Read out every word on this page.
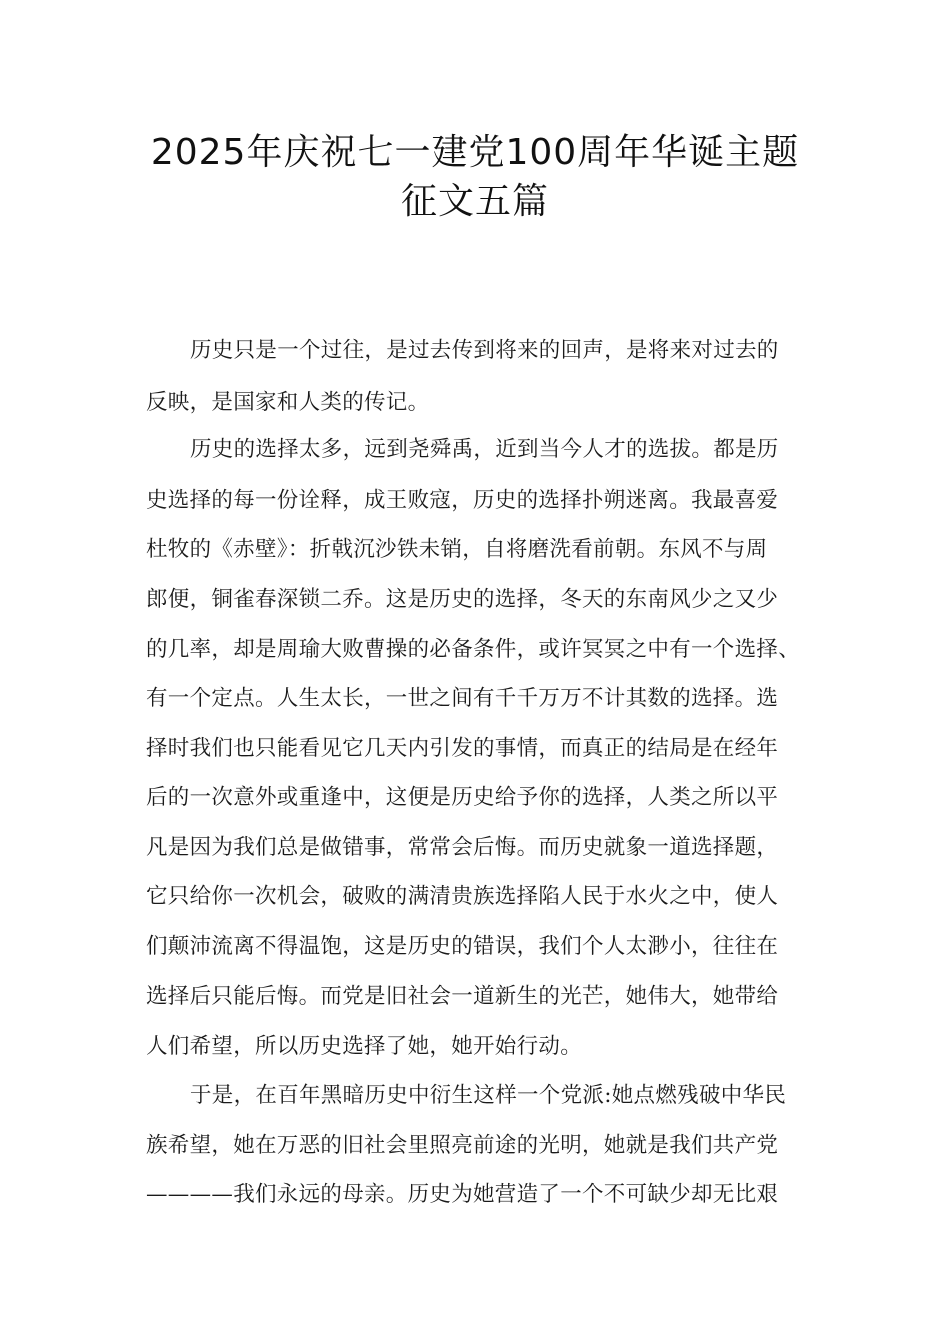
2025年庆祝七一建党100周年华诞主题
征文五篇
历史只是一个过往，是过去传到将来的回声，是将来对过去的
反映，是国家和人类的传记。
历史的选择太多，远到尧舜禹，近到当今人才的选拔。都是历
史选择的每一份诠释，成王败寇，历史的选择扑朔迷离。我最喜爱
杜牧的《赤壁》：折戟沉沙铁未销，自将磨洗看前朝。东风不与周
郎便，铜雀春深锁二乔。这是历史的选择，冬天的东南风少之又少
的几率，却是周瑜大败曹操的必备条件，或许冥冥之中有一个选择、
有一个定点。人生太长，一世之间有千千万万不计其数的选择。选
择时我们也只能看见它几天内引发的事情，而真正的结局是在经年
后的一次意外或重逢中，这便是历史给予你的选择，人类之所以平
凡是因为我们总是做错事，常常会后悔。而历史就象一道选择题，
它只给你一次机会，破败的满清贵族选择陷人民于水火之中，使人
们颠沛流离不得温饱，这是历史的错误，我们个人太渺小，往往在
选择后只能后悔。而党是旧社会一道新生的光芒，她伟大，她带给
人们希望，所以历史选择了她，她开始行动。
于是，在百年黑暗历史中衍生这样一个党派:她点燃残破中华民
族希望，她在万恶的旧社会里照亮前途的光明，她就是我们共产党
————我们永远的母亲。历史为她营造了一个不可缺少却无比艰
